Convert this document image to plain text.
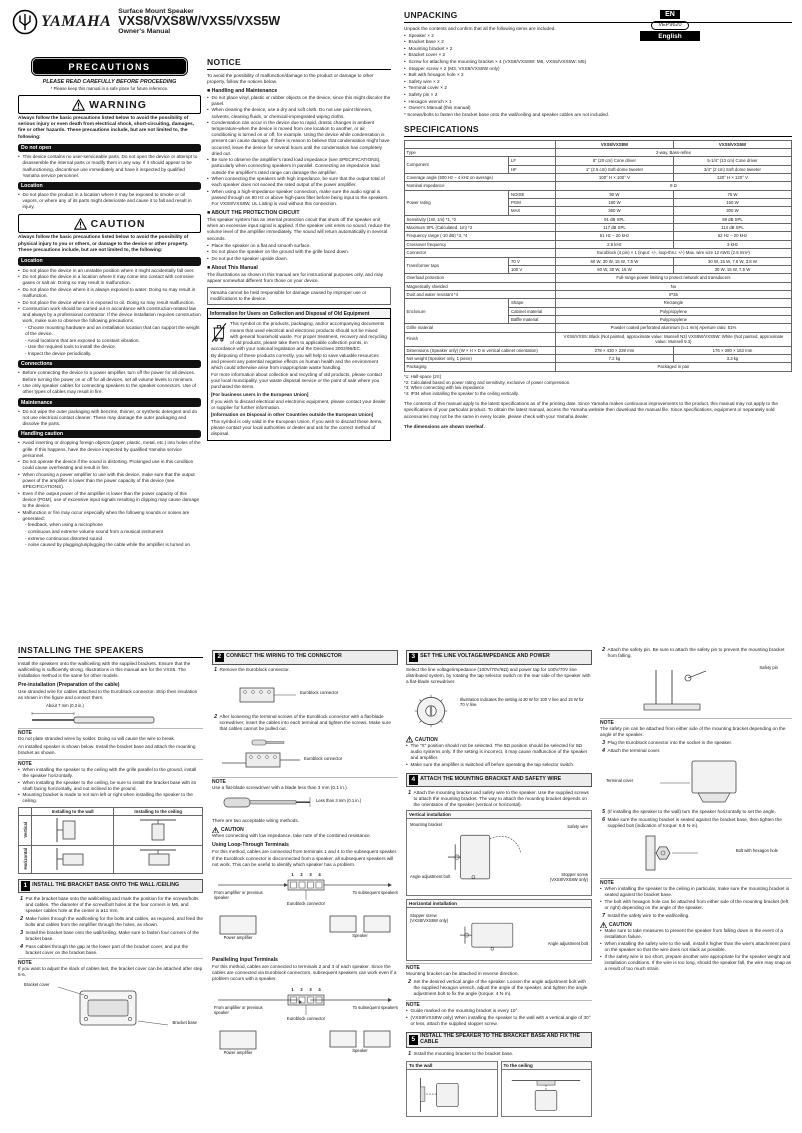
YAMAHA
Surface Mount Speaker
VXS8/VXS8W/VXS5/VXS5W
Owner's Manual
EN
VEP9620
English
PRECAUTIONS
PLEASE READ CAREFULLY BEFORE PROCEEDING
* Please keep this manual in a safe place for future reference.
WARNING
Always follow the basic precautions listed below to avoid the possibility of serious injury or even death from electrical shock, short-circuiting, damages, fire or other hazards. These precautions include, but are not limited to, the following:
Do not open
• This device contains no user-serviceable parts. Do not open the device or attempt to disassemble the internal parts or modify them in any way. If it should appear to be malfunctioning, discontinue use immediately and have it inspected by qualified Yamaha service personnel.
Location
• Do not place the product in a location where it may be exposed to smoke or oil vapors, or where any of its parts might deteriorate and cause it to fall and result in injury.
CAUTION
Always follow the basic precautions listed below to avoid the possibility of physical injury to you or others, or damage to the device or other property. These precautions include, but are not limited to, the following:
Location
• Do not place the device in an unstable position where it might accidentally fall over.
• Do not place the device in a location where it may come into contact with corrosive gases or salt air. Doing so may result in malfunction.
• Do not place the device where it is always exposed to water. Doing so may result in malfunction.
• Do not place the device where it is exposed to oil. Doing so may result malfunction.
• Construction work should be carried out in accordance with construction-related law and always by a professional contractor. If the device installation requires construction work, make sure to observe the following precautions.
- Choose mounting hardware and an installation location that can support the weight of the device.
- Avoid locations that are exposed to constant vibration.
- Use the required tools to install the device.
- Inspect the device periodically.
Connections
• Before connecting the device to a power amplifier, turn off the power for all devices. Before turning the power on or off for all devices, set all volume levels to minimum.
• Use only speaker cables for connecting speakers to the speaker connectors. Use of other types of cables may result in fire.
Maintenance
• Do not wipe the outer packaging with benzine, thinner, or synthetic detergent and do not use electrical contact cleaner. These may damage the outer packaging and dissolve the parts.
Handling caution
• Avoid inserting or dropping foreign objects (paper, plastic, metal, etc.) into holes of the grille. If this happens, have the device inspected by qualified Yamaha service personnel.
• Do not operate the device if the sound is distorting. Prolonged use in this condition could cause overheating and result in fire.
• When choosing a power amplifier to use with this device, make sure that the output power of the amplifier is lower than the power capacity of this device (see SPECIFICATIONS).
• Even if the output power of the amplifier is lower than the power capacity of this device (PGM), use of excessive input signals resulting in clipping may cause damage to the device.
• Malfunction or fire may occur especially when the following sounds or noises are generated:
- feedback, when using a microphone
- continuous and extreme volume sound from a musical instrument
- extreme continuous distorted sound
- noise caused by plugging/unplugging the cable while the amplifier is turned on
NOTICE

To avoid the possibility of malfunction/damage to the product or damage to other property, follow the notices below.

■ Handling and Maintenance
• Do not place vinyl, plastic or rubber objects on the device, since this might discolor the panel.
• When cleaning the device, use a dry and soft cloth. Do not use paint thinners, solvents, cleaning fluids, or chemical-impregnated wiping cloths.
• Condensation can occur in the device due to rapid, drastic changes in ambient temperature-when the device is moved from one location to another, or air conditioning is turned on or off, for example. Using the device while condensation is present can cause damage. If there is reason to believe that condensation might have occurred, leave the device for several hours until the condensation has completely dried out.
• Be sure to observe the amplifier's rated load impedance (see SPECIFICATIONS), particularly when connecting speakers in parallel. Connecting an impedance load outside the amplifier's rated range can damage the amplifier.
• When connecting the speakers with high impedance, be sure that the output total of each speaker does not exceed the rated output of the power amplifier.
• When using a high-impedance speaker connection, make sure the audio signal is passed through an 80 Hz or above high-pass filter before being input to the speakers. For VXS8/VXS8W, UL Listing is void without this connection.
■ ABOUT THE PROTECTION CIRCUIT

This speaker system has an internal protection circuit that shuts off the speaker unit when an excessive input signal is applied. If the speaker unit emits no sound, reduce the volume level of the amplifier immediately. The sound will return automatically in several seconds.

• Place the speaker on a flat and smooth surface.
• Do not place the speaker on the ground with the grille faced down.
• Do not put the speaker upside down.
■ About This Manual

The illustrations as shown in this manual are for instructional purposes only, and may appear somewhat different from those on your device.

Yamaha cannot be held responsible for damage caused by improper use or modifications to the device.
Information for Users on Collection and Disposal of Old Equipment

This symbol on the products, packaging, and/or accompanying documents means that used electrical and electronic products should not be mixed with general household waste. For proper treatment, recovery and recycling of old products, please take them to applicable collection points, in accordance with your national legislation and the Directives 2002/96/EC.

By disposing of these products correctly, you will help to save valuable resources and prevent any potential negative effects on human health and the environment which could otherwise arise from inappropriate waste handling.

For more information about collection and recycling of old products, please contact your local municipality, your waste disposal service or the point of sale where you purchased the items.

[For business users in the European Union]

If you wish to discard electrical and electronic equipment, please contact your dealer or supplier for further information.

[Information on Disposal in other Countries outside the European Union]

This symbol is only valid in the European Union. If you wish to discard these items, please contact your local authorities or dealer and ask for the correct method of disposal.

UNPACKING

Unpack the contents and confirm that all the following items are included.

• Speaker × 2
• Bracket base × 2
• Mounting bracket × 2
• Bracket cover × 2
• Screw for attaching the mounting bracket × 4 (VXS8/VXS8W: M6, VXS5/VXS5W: M5)
• Stopper screw × 2 (M3, VXS8/VXS8W only)
• Bolt with hexagon hole × 2
• Safety wire × 2
• Terminal cover × 2
• Safety pin × 2
• Hexagon wrench × 1
• Owner's Manual (this manual)

* Screws/bolts to fasten the bracket base onto the wall/ceiling and speaker cables are not included.

SPECIFICATIONS
		VXS8/VXS8W	VXS5/VXS5W
Type		2-way, Bass-reflex	
Component	LF	8" (20 cm) Cone driver	5-1/4" (13 cm) Cone driver
	HF	1" (2.5 cm) Soft-dome tweeter	3/4" (2 cm) Soft dome tweeter
Coverage angle (500 Hz – 4 kHz on average)		100° H × 100° V	120° H × 120° V
Nominal impedance		8 Ω	
Power rating	NOISE	90 W	75 W
	PGM	180 W	150 W
	MAX	360 W	300 W
Sensitivity (1W, 1m) *1, *2		91 dB SPL	89 dB SPL
Maximum SPL (Calculated, 1m) *2		117 dB SPL	114 dB SPL
Frequency range (-10 dB) *3, *4		51 Hz – 20 kHz	62 Hz – 20 kHz
Crossover frequency		2.8 kHz	3 kHz
Connector		Euroblock (4 pin) × 1 (input: +/-, loop-thru: +/-) Max. wire size 12 AWG (2.5 mm²)	
Transformer taps	70 V	60 W, 30 W, 15 W, 7.5 W	30 W, 15 W, 7.5 W, 3.8 W
	100 V	60 W, 30 W, 15 W	30 W, 15 W, 7.5 W
Overload protection		Full-range power limiting to protect network and transducers	
Magnetically shielded		No	
Dust and water resistant *4		IP35	
Enclosure	Shape	Rectangle	
	Cabinet material	Polypropylene	
	Baffle material	Polypropylene	
Grille material		Powder coated perforated aluminum (t=1 mm) Aperture ratio: 51%	
Finish		VXS8/VXS5: Black (Not painted, approximate value: Munsell N3) VXS8W/VXS5W: White (Not painted, approximate value: Munsell 9.3)	
Dimensions (Speaker only) (W × H × D in vertical cabinet orientation)		278 × 430 × 239 mm	176 × 280 × 163 mm
Net weight (Speaker only, 1 piece)		7.2 kg	3.3 kg
Packaging		Packaged in pair	
*1: Half-space (2π)
*2: Calculated based on power rating and sensitivity, exclusive of power compression.
*3: When connecting with low impedance
*4: IP34 when installing the speaker to the ceiling vertically.

The contents of this manual apply to the latest specifications as of the printing date. Since Yamaha makes continuous improvements to the product, this manual may not apply to the specifications of your particular product. To obtain the latest manual, access the Yamaha website then download the manual file. Since specifications, equipment or separately sold accessories may not be the same in every locale, please check with your Yamaha dealer.

The dimensions are shown overleaf.

INSTALLING THE SPEAKERS

Install the speakers onto the wall/ceiling with the supplied brackets. Ensure that the wall/ceiling is sufficiently strong. Illustrations in this manual are for the VXS5. The installation method is the same for other models.

Pre-installation (Preparation of the cable)

Use stranded wire for cables attached to the Euroblock connector. Strip their insulation as shown in the figure and connect them.

About 7 mm (0.3 in.)
NOTE

Do not plate stranded wires by solder. Doing so will cause the wire to break.

An installed speaker is shown below. Install the bracket base and attach the mounting bracket as shown.

NOTE
• When installing the speaker to the ceiling with the grille parallel to the ground, install the speaker horizontally.
• When installing the speaker to the ceiling, be sure to install the bracket base with its shaft facing horizontally, and not inclined to the ground.
• Mounting bracket is made to not turn left or right when installing the speaker to the ceiling.
	Installing to the wall	Installing to the ceiling
Vertical		
Horizontal		
1 INSTALL THE BRACKET BASE ONTO THE WALL /CEILING
1 Put the bracket base onto the wall/ceiling and mark the position for the screws/bolts and cables. The diameter of the screw/bolt holes at the four corners is M6, and speaker cables hole at the center is ø11 mm.
2 Make holes through the wall/ceiling for the bolts and cables, as required, and feed the bolts and cables from the amplifier through the holes, as shown.
3 Install the bracket base onto the wall/ceiling. Make sure to fasten four corners of the bracket base.
4 Pass cables through the gap at the lower part of the bracket cover, and put the bracket cover on the bracket base.
NOTE

If you want to adjust the slack of cables last, the bracket cover can be attached after step 5-6.

Bracket cover
Bracket base
2 CONNECT THE WIRING TO THE CONNECTOR
1 Remove the Euroblock connector.
Euroblock connector
2 After loosening the terminal screws of the Euroblock connector with a flat-blade screwdriver, insert the cables into each terminal and tighten the screws. Make sure that cables cannot be pulled out.
Euroblock connector
NOTE

Use a flat-blade screwdriver with a blade less than 3 mm (0.1 in.).

Less than 3 mm (0.1 in.)

There are two acceptable wiring methods.

CAUTION

When connecting with low impedance, take note of the combined resistance.

Using Loop-Through Terminals

For this method, cables are connected from terminals 1 and 4 to the subsequent speaker. If the Euroblock connector is disconnected from a speaker, all subsequent speakers will not work. This can be useful to identify which speaker has a problem.

1 2 3 4
From amplifier or previous speaker
To subsequent speakers
Euroblock connector
Power amplifier	Speaker
Paralleling Input Terminals

For this method, cables are connected to terminals 2 and 3 of each speaker. Since the cables are connected via Euroblock connectors, subsequent speakers can work even if a problem occurs with a speaker.

1 2 3 4
From amplifier or previous speaker
To subsequent speakers
Euroblock connector
Power amplifier	Speaker
3 SET THE LINE VOLTAGE/IMPEDANCE AND POWER

Select the line voltage/impedance (100V/70V/8Ω) and power tap for 100V/70V line distributed system, by rotating the tap selector switch on the rear side of the speaker with a flat-blade screwdriver.

Illustration indicates the setting at 30 W for 100 V line and 15 W for 70 V line.
CAUTION
• The "X" position should not be selected. The 8Ω position should be selected for 8Ω audio systems only. If the setting is incorrect, it may cause malfunction of the speaker and amplifier.
• Make sure the amplifier is switched off before operating the tap selector switch.
4 ATTACH THE MOUNTING BRACKET AND SAFETY WIRE
1 Attach the mounting bracket and safety wire to the speaker. Use the supplied screws to attach the mounting bracket. The way to attach the mounting bracket depends on the orientation of the speaker (vertical or horizontal).
Vertical installation
Mounting bracket	Safety wire
Angle adjustment bolt	Stopper screw (VXS8/VXS8W only)
Horizontal installation
Stopper screw (VXS8/VXS8W only)
Angle adjustment bolt
NOTE

Mounting bracket can be attached in reverse direction.

2 Set the desired vertical angle of the speaker. Loosen the angle adjustment bolt with the supplied hexagon wrench, adjust the angle of the speaker, and tighten the angle adjustment bolt to fix the angle (torque: 4 N·m).
NOTE
• Guide marked on the mounting bracket is every 10°.
• (VXS8/VXS8W only) When installing the speaker to the wall with a vertical angle of 30° or less, attach the supplied stopper screw.
5 INSTALL THE SPEAKER TO THE BRACKET BASE AND FIX THE CABLE
1 Install the mounting bracket to the bracket base.
To the wall	To the ceiling
2 Attach the safety pin. Be sure to attach the safety pin to prevent the mounting bracket from falling.
Safety pin
NOTE

The safety pin can be attached from either side of the mounting bracket depending on the angle of the speaker.

3 Plug the Euroblock connector into the socket in the speaker.
4 Attach the terminal cover.
Terminal cover
5 (If installing the speaker to the wall) turn the speaker horizontally to set the angle.
6 Make sure the mounting bracket is seated against the bracket base, then tighten the supplied bolt (indication of torque: 6.5 N·m).
Bolt with hexagon hole
NOTE
• When installing the speaker to the ceiling in particular, make sure the mounting bracket is seated against the bracket base.
• The bolt with hexagon hole can be attached from either side of the mounting bracket (left or right) depending on the angle of the speaker.
7 Install the safety wire to the wall/ceiling.
CAUTION
• Make sure to take measures to prevent the speaker from falling down in the event of a installation failure.
• When installing the safety wire to the wall, install it higher than the wire's attachment point on the speaker so that the wire does not slack as possible.
• If the safety wire is too short, prepare another wire appropriate for the speaker weight and installation conditions. If the wire is too long, should the speaker fall, the wire may snap as a result of too much strain.
